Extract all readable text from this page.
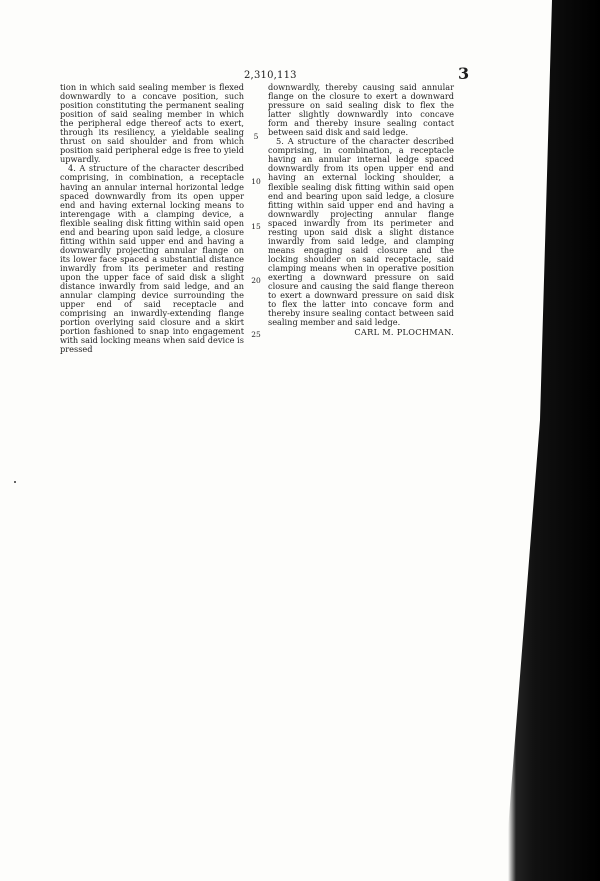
2,310,113	3

tion in which said sealing member is flexed downwardly to a concave position, such position constituting the permanent sealing position of said sealing member in which the peripheral edge thereof acts to exert, through its resiliency, a yieldable sealing thrust on said shoulder and from which position said peripheral edge is free to yield upwardly.

4. A structure of the character described comprising, in combination, a receptacle having an annular internal horizontal ledge spaced downwardly from its open upper end and having external locking means to interengage with a clamping device, a flexible sealing disk fitting within said open end and bearing upon said ledge, a closure fitting within said upper end and having a downwardly projecting annular flange on its lower face spaced a substantial distance inwardly from its perimeter and resting upon the upper face of said disk a slight distance inwardly from said ledge, and an annular clamping device surrounding the upper end of said receptacle and comprising an inwardly-extending flange portion overlying said closure and a skirt portion fashioned to snap into engagement with said locking means when said device is pressed

5
10
15
20
25

downwardly, thereby causing said annular flange on the closure to exert a downward pressure on said sealing disk to flex the latter slightly downwardly into concave form and thereby insure sealing contact between said disk and said ledge.

5. A structure of the character described comprising, in combination, a receptacle having an annular internal ledge spaced downwardly from its open upper end and having an external locking shoulder, a flexible sealing disk fitting within said open end and bearing upon said ledge, a closure fitting within said upper end and having a downwardly projecting annular flange spaced inwardly from its perimeter and resting upon said disk a slight distance inwardly from said ledge, and clamping means engaging said closure and the locking shoulder on said receptacle, said clamping means when in operative position exerting a downward pressure on said closure and causing the said flange thereon to exert a downward pressure on said disk to flex the latter into concave form and thereby insure sealing contact between said sealing member and said ledge.

CARL M. PLOCHMAN.
